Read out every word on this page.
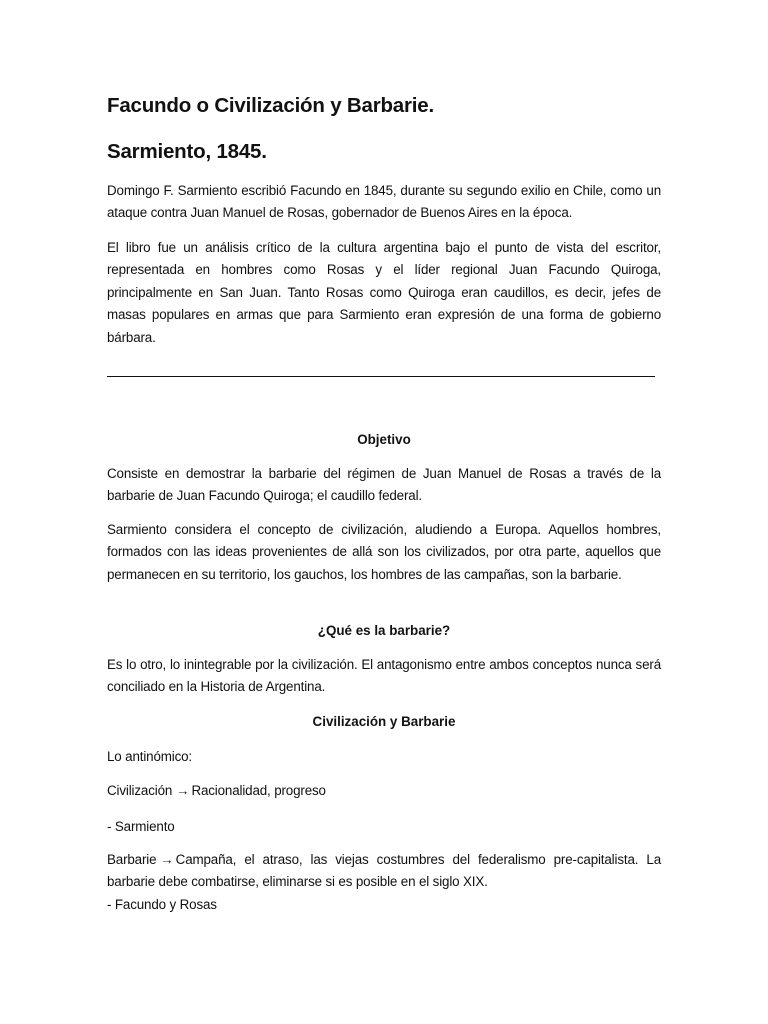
Facundo o Civilización y Barbarie.
Sarmiento, 1845.

Domingo F. Sarmiento escribió Facundo en 1845, durante su segundo exilio en Chile, como un ataque contra Juan Manuel de Rosas, gobernador de Buenos Aires en la época.

El libro fue un análisis crítico de la cultura argentina bajo el punto de vista del escritor, representada en hombres como Rosas y el líder regional Juan Facundo Quiroga, principalmente en San Juan. Tanto Rosas como Quiroga eran caudillos, es decir, jefes de masas populares en armas que para Sarmiento eran expresión de una forma de gobierno bárbara.

Objetivo

Consiste en demostrar la barbarie del régimen de Juan Manuel de Rosas a través de la barbarie de Juan Facundo Quiroga; el caudillo federal.

Sarmiento considera el concepto de civilización, aludiendo a Europa. Aquellos hombres, formados con las ideas provenientes de allá son los civilizados, por otra parte, aquellos que permanecen en su territorio, los gauchos, los hombres de las campañas, son la barbarie.

¿Qué es la barbarie?

Es lo otro, lo inintegrable por la civilización. El antagonismo entre ambos conceptos nunca será conciliado en la Historia de Argentina.

Civilización y Barbarie

Lo antinómico:

Civilización → Racionalidad, progreso

- Sarmiento

Barbarie → Campaña, el atraso, las viejas costumbres del federalismo pre-capitalista. La barbarie debe combatirse, eliminarse si es posible en el siglo XIX.
- Facundo y Rosas
